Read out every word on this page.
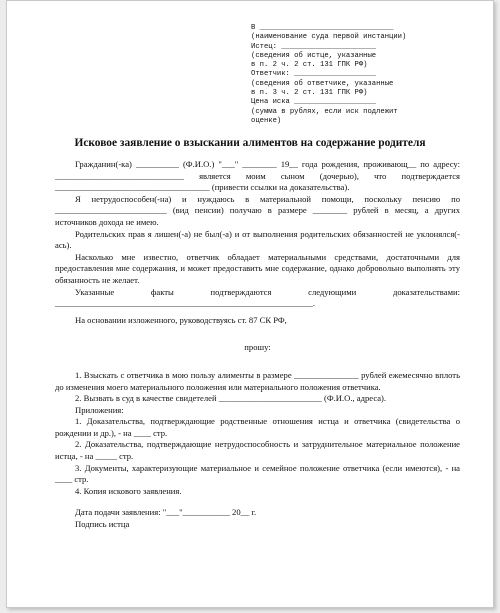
В _______________________________
(наименование суда первой инстанции)
Истец: ______________________
(сведения об истце, указанные
в п. 2 ч. 2 ст. 131 ГПК РФ)
Ответчик: ___________________
(сведения об ответчике, указанные
в п. 3 ч. 2 ст. 131 ГПК РФ)
Цена иска ___________________
(сумма в рублях, если иск подлежит
оценке)
Исковое заявление о взыскании алиментов на содержание родителя

Гражданин(-ка) __________ (Ф.И.О.) "___" ________ 19__ года рождения, проживающ__ по адресу: ______________________________ является моим сыном (дочерью), что подтверждается ____________________________________ (привести ссылки на доказательства).

Я нетрудоспособен(-на) и нуждаюсь в материальной помощи, поскольку пенсию по __________________________ (вид пенсии) получаю в размере ________ рублей в месяц, а других источников дохода не имею.

Родительских прав я лишен(-а) не был(-а) и от выполнения родительских обязанностей не уклонялся(-ась).

Насколько мне известно, ответчик обладает материальными средствами, достаточными для предоставления мне содержания, и может предоставить мне содержание, однако добровольно выполнять эту обязанность не желает.

Указанные факты подтверждаются следующими доказательствами: ____________________________________________________________.

На основании изложенного, руководствуясь ст. 87 СК РФ,

прошу:

1. Взыскать с ответчика в мою пользу алименты в размере _______________ рублей ежемесячно вплоть до изменения моего материального положения или материального положения ответчика.

2. Вызвать в суд в качестве свидетелей ________________________ (Ф.И.О., адреса).

Приложения:

1. Доказательства, подтверждающие родственные отношения истца и ответчика (свидетельства о рождении и др.), - на ____ стр.

2. Доказательства, подтверждающие нетрудоспособность и затруднительное материальное положение истца, - на _____ стр.

3. Документы, характеризующие материальное и семейное положение ответчика (если имеются), - на ____ стр.

4. Копия искового заявления.

Дата подачи заявления: "___"___________ 20__ г.

Подпись истца
